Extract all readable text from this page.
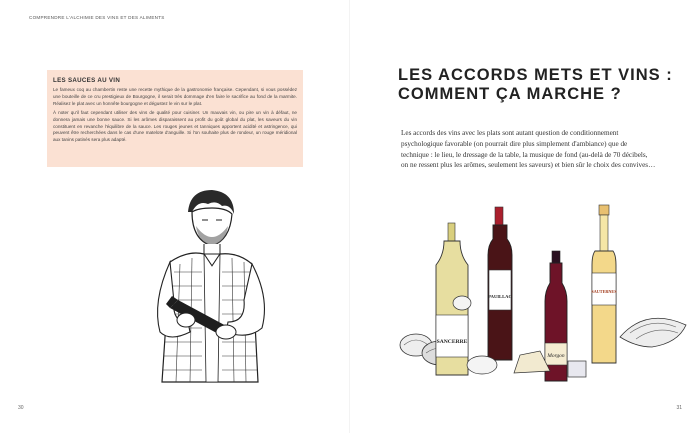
COMPRENDRE L'ALCHIMIE DES VINS ET DES ALIMENTS
LES SAUCES AU VIN

Le fameux coq au chambertin reste une recette mythique de la gastronomie française. Cependant, si vous possédez une bouteille de ce cru prestigieux de Bourgogne, il serait très dommage d'en faire le sacrifice au fond de la marmite. Réalisez le plat avec un honnête bourgogne et dégustez le vin sur le plat.

À noter qu'il faut cependant utiliser des vins de qualité pour cuisiner. Un mauvais vin, ou pire un vin à défaut, ne donnera jamais une bonne sauce. Si les arômes disparaissent au profit du goût global du plat, les saveurs du vin constituent en revanche l'équilibre de la sauce. Les rouges jeunes et tanniques apportent acidité et astringence, qui peuvent être recherchées dans le cas d'une matelote d'anguille. Si l'on souhaite plus de rondeur, un rouge méridional aux tanins patinés sera plus adapté.

30
LES ACCORDS METS ET VINS :
COMMENT ÇA MARCHE ?

Les accords des vins avec les plats sont autant question de conditionnement psychologique favorable (on pourrait dire plus simplement d'ambiance) que de technique : le lieu, le dressage de la table, la musique de fond (au-delà de 70 décibels, on ne ressent plus les arômes, seulement les saveurs) et bien sûr le choix des convives…

SANCERRE
PAUILLAC
Morgon
SAUTERNES
31
